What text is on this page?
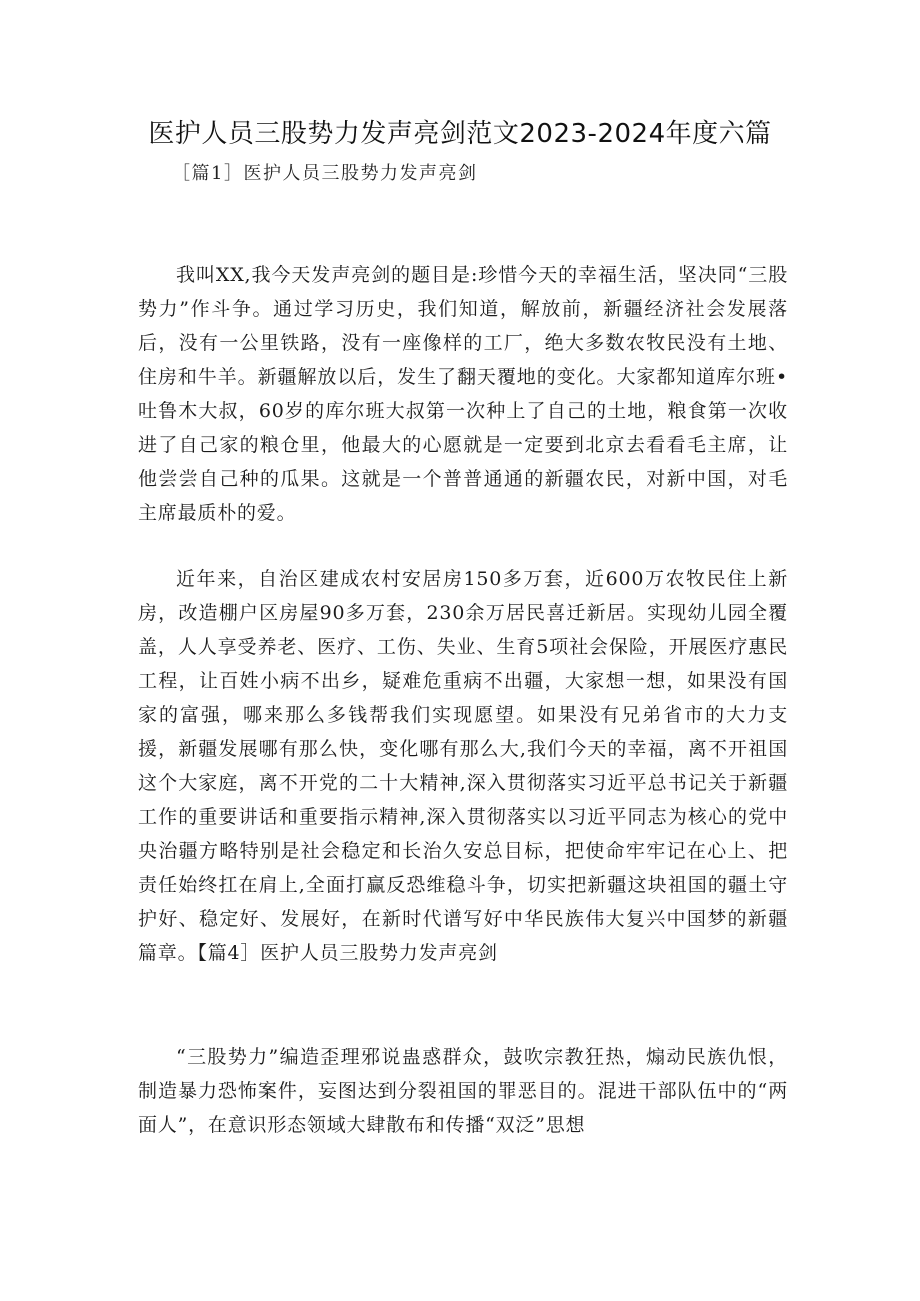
医护人员三股势力发声亮剑范文2023-2024年度六篇

［篇1］医护人员三股势力发声亮剑

我叫XX,我今天发声亮剑的题目是:珍惜今天的幸福生活，坚决同“三股势力”作斗争。通过学习历史，我们知道，解放前，新疆经济社会发展落后，没有一公里铁路，没有一座像样的工厂，绝大多数农牧民没有土地、住房和牛羊。新疆解放以后，发生了翻天覆地的变化。大家都知道库尔班•吐鲁木大叔，60岁的库尔班大叔第一次种上了自己的土地，粮食第一次收进了自己家的粮仓里，他最大的心愿就是一定要到北京去看看毛主席，让他尝尝自己种的瓜果。这就是一个普普通通的新疆农民，对新中国，对毛主席最质朴的爱。

近年来，自治区建成农村安居房150多万套，近600万农牧民住上新房，改造棚户区房屋90多万套，230余万居民喜迁新居。实现幼儿园全覆盖，人人享受养老、医疗、工伤、失业、生育5项社会保险，开展医疗惠民工程，让百姓小病不出乡，疑难危重病不出疆，大家想一想，如果没有国家的富强，哪来那么多钱帮我们实现愿望。如果没有兄弟省市的大力支援，新疆发展哪有那么快，变化哪有那么大,我们今天的幸福，离不开祖国这个大家庭，离不开党的二十大精神,深入贯彻落实习近平总书记关于新疆工作的重要讲话和重要指示精神,深入贯彻落实以习近平同志为核心的党中央治疆方略特别是社会稳定和长治久安总目标，把使命牢牢记在心上、把责任始终扛在肩上,全面打赢反恐维稳斗争，切实把新疆这块祖国的疆土守护好、稳定好、发展好，在新时代谱写好中华民族伟大复兴中国梦的新疆篇章。【篇4］医护人员三股势力发声亮剑

“三股势力”编造歪理邪说蛊惑群众，鼓吹宗教狂热，煽动民族仇恨，制造暴力恐怖案件，妄图达到分裂祖国的罪恶目的。混进干部队伍中的“两面人”，在意识形态领域大肆散布和传播“双泛”思想
